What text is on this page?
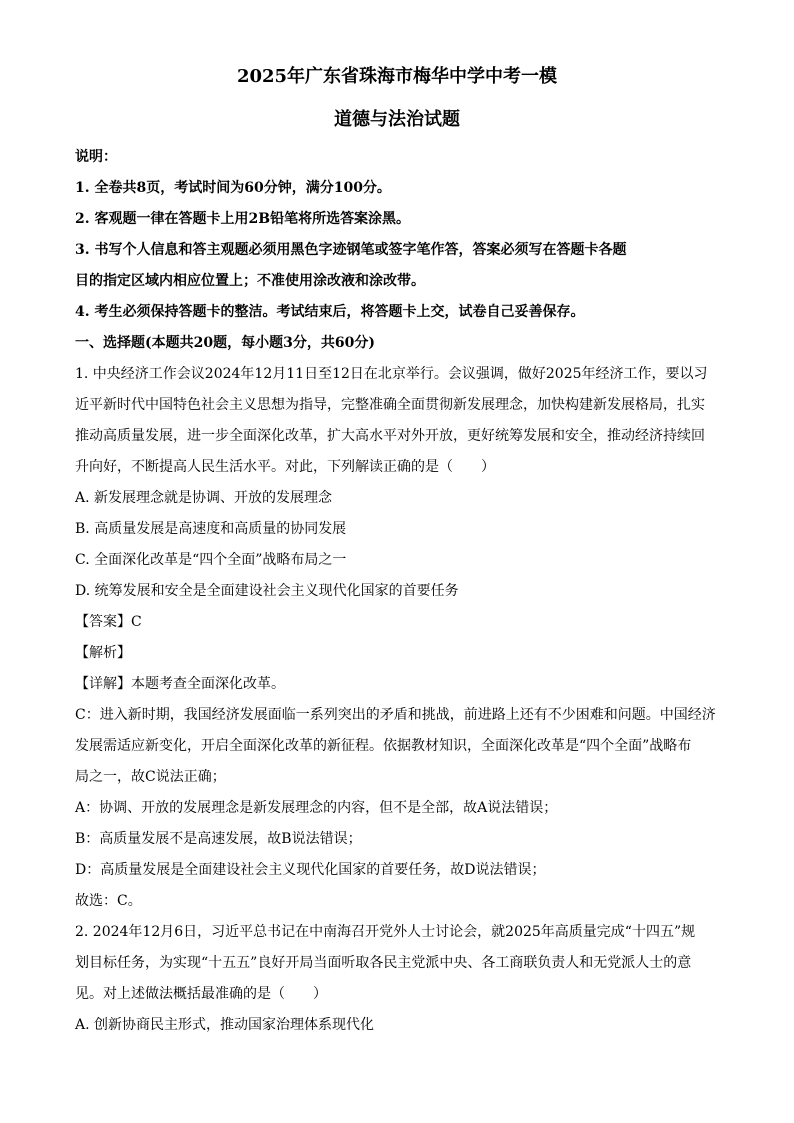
2025年广东省珠海市梅华中学中考一模
道德与法治试题
说明：
1. 全卷共8页，考试时间为60分钟，满分100分。
2. 客观题一律在答题卡上用2B铅笔将所选答案涂黑。
3. 书写个人信息和答主观题必须用黑色字迹钢笔或签字笔作答，答案必须写在答题卡各题
目的指定区域内相应位置上；不准使用涂改液和涂改带。
4. 考生必须保持答题卡的整洁。考试结束后，将答题卡上交，试卷自己妥善保存。
一、选择题(本题共20题，每小题3分，共60分)
1. 中央经济工作会议2024年12月11日至12日在北京举行。会议强调，做好2025年经济工作，要以习
近平新时代中国特色社会主义思想为指导，完整准确全面贯彻新发展理念，加快构建新发展格局，扎实
推动高质量发展，进一步全面深化改革，扩大高水平对外开放，更好统筹发展和安全，推动经济持续回
升向好，不断提高人民生活水平。对此，下列解读正确的是（　　）
A. 新发展理念就是协调、开放的发展理念
B. 高质量发展是高速度和高质量的协同发展
C. 全面深化改革是“四个全面”战略布局之一
D. 统筹发展和安全是全面建设社会主义现代化国家的首要任务
【答案】C
【解析】
【详解】本题考查全面深化改革。
C：进入新时期，我国经济发展面临一系列突出的矛盾和挑战，前进路上还有不少困难和问题。中国经济
发展需适应新变化，开启全面深化改革的新征程。依据教材知识，全面深化改革是“四个全面”战略布
局之一，故C说法正确；
A：协调、开放的发展理念是新发展理念的内容，但不是全部，故A说法错误；
B：高质量发展不是高速发展，故B说法错误；
D：高质量发展是全面建设社会主义现代化国家的首要任务，故D说法错误；
故选：C。
2. 2024年12月6日，习近平总书记在中南海召开党外人士讨论会，就2025年高质量完成“十四五”规
划目标任务，为实现“十五五”良好开局当面听取各民主党派中央、各工商联负责人和无党派人士的意
见。对上述做法概括最准确的是（　　）
A. 创新协商民主形式，推动国家治理体系现代化
